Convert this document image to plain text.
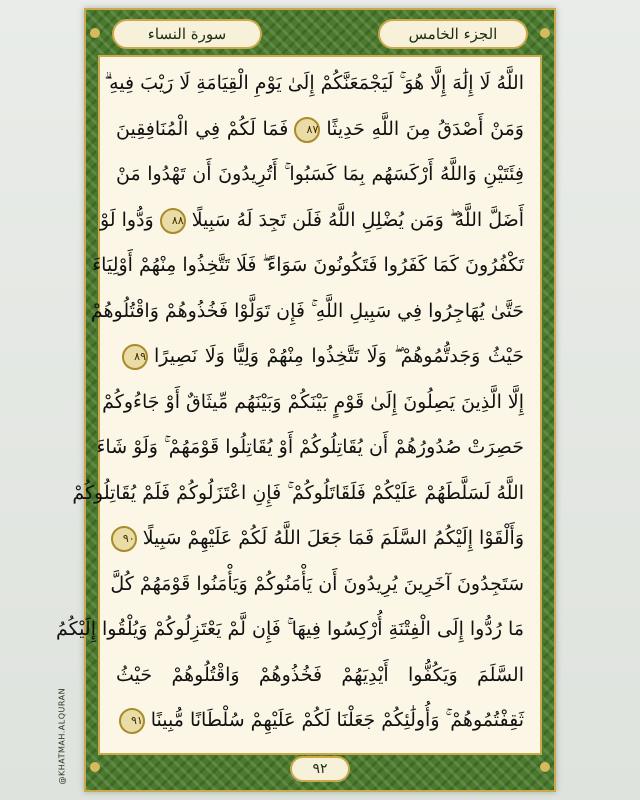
الجزء الخامس
سورة النساء
اللَّهُ لَا إِلَٰهَ إِلَّا هُوَ ۚ لَيَجْمَعَنَّكُمْ إِلَىٰ يَوْمِ الْقِيَامَةِ لَا رَيْبَ فِيهِ ۗ
وَمَنْ أَصْدَقُ مِنَ اللَّهِ حَدِيثًا٨٧فَمَا لَكُمْ فِي الْمُنَافِقِينَ
فِئَتَيْنِ وَاللَّهُ أَرْكَسَهُم بِمَا كَسَبُوا ۚ أَتُرِيدُونَ أَن تَهْدُوا مَنْ
أَضَلَّ اللَّهُ ۖ وَمَن يُضْلِلِ اللَّهُ فَلَن تَجِدَ لَهُ سَبِيلًا٨٨وَدُّوا لَوْ
تَكْفُرُونَ كَمَا كَفَرُوا فَتَكُونُونَ سَوَاءً ۖ فَلَا تَتَّخِذُوا مِنْهُمْ أَوْلِيَاءَ
حَتَّىٰ يُهَاجِرُوا فِي سَبِيلِ اللَّهِ ۚ فَإِن تَوَلَّوْا فَخُذُوهُمْ وَاقْتُلُوهُمْ
حَيْثُ وَجَدتُّمُوهُمْ ۖ وَلَا تَتَّخِذُوا مِنْهُمْ وَلِيًّا وَلَا نَصِيرًا٨٩
إِلَّا الَّذِينَ يَصِلُونَ إِلَىٰ قَوْمٍ بَيْنَكُمْ وَبَيْنَهُم مِّيثَاقٌ أَوْ جَاءُوكُمْ
حَصِرَتْ صُدُورُهُمْ أَن يُقَاتِلُوكُمْ أَوْ يُقَاتِلُوا قَوْمَهُمْ ۚ وَلَوْ شَاءَ
اللَّهُ لَسَلَّطَهُمْ عَلَيْكُمْ فَلَقَاتَلُوكُمْ ۚ فَإِنِ اعْتَزَلُوكُمْ فَلَمْ يُقَاتِلُوكُمْ
وَأَلْقَوْا إِلَيْكُمُ السَّلَمَ فَمَا جَعَلَ اللَّهُ لَكُمْ عَلَيْهِمْ سَبِيلًا٩٠
سَتَجِدُونَ آخَرِينَ يُرِيدُونَ أَن يَأْمَنُوكُمْ وَيَأْمَنُوا قَوْمَهُمْ كُلَّ
مَا رُدُّوا إِلَى الْفِتْنَةِ أُرْكِسُوا فِيهَا ۚ فَإِن لَّمْ يَعْتَزِلُوكُمْ وَيُلْقُوا إِلَيْكُمُ
السَّلَمَ وَيَكُفُّوا أَيْدِيَهُمْ فَخُذُوهُمْ وَاقْتُلُوهُمْ حَيْثُ
ثَقِفْتُمُوهُمْ ۚ وَأُولَٰئِكُمْ جَعَلْنَا لَكُمْ عَلَيْهِمْ سُلْطَانًا مُّبِينًا٩١
٩٢
@KHATMAH.ALQURAN
